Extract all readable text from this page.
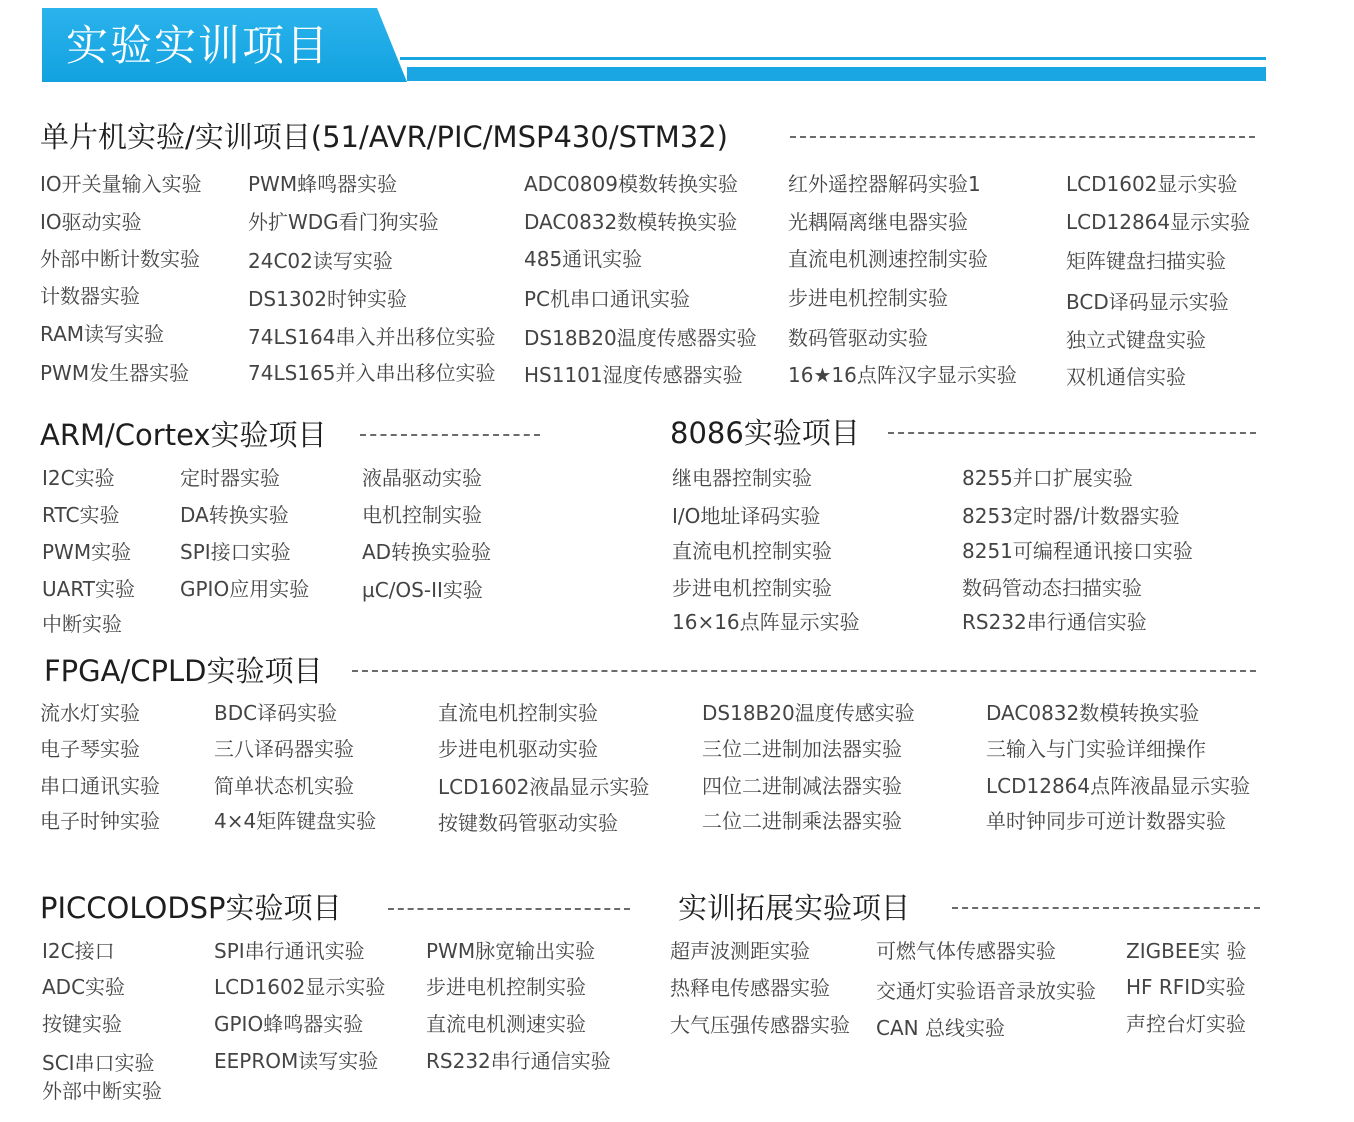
实验实训项目
单片机实验/实训项目(51/AVR/PIC/MSP430/STM32)
IO开关量输入实验
IO驱动实验
外部中断计数实验
计数器实验
RAM读写实验
PWM发生器实验
PWM蜂鸣器实验
外扩WDG看门狗实验
24C02读写实验
DS1302时钟实验
74LS164串入并出移位实验
74LS165并入串出移位实验
ADC0809模数转换实验
DAC0832数模转换实验
485通讯实验
PC机串口通讯实验
DS18B20温度传感器实验
HS1101湿度传感器实验
红外遥控器解码实验1
光耦隔离继电器实验
直流电机测速控制实验
步进电机控制实验
数码管驱动实验
16★16点阵汉字显示实验
LCD1602显示实验
LCD12864显示实验
矩阵键盘扫描实验
BCD译码显示实验
独立式键盘实验
双机通信实验
ARM/Cortex实验项目
I2C实验
RTC实验
PWM实验
UART实验
中断实验
定时器实验
DA转换实验
SPI接口实验
GPIO应用实验
液晶驱动实验
电机控制实验
AD转换实验验
µC/OS-II实验
8086实验项目
继电器控制实验
I/O地址译码实验
直流电机控制实验
步进电机控制实验
16×16点阵显示实验
8255并口扩展实验
8253定时器/计数器实验
8251可编程通讯接口实验
数码管动态扫描实验
RS232串行通信实验
FPGA/CPLD实验项目
流水灯实验
电子琴实验
串口通讯实验
电子时钟实验
BDC译码实验
三八译码器实验
简单状态机实验
4×4矩阵键盘实验
直流电机控制实验
步进电机驱动实验
LCD1602液晶显示实验
按键数码管驱动实验
DS18B20温度传感实验
三位二进制加法器实验
四位二进制减法器实验
二位二进制乘法器实验
DAC0832数模转换实验
三输入与门实验详细操作
LCD12864点阵液晶显示实验
单时钟同步可逆计数器实验
PICCOLODSP实验项目
I2C接口
ADC实验
按键实验
SCI串口实验
外部中断实验
SPI串行通讯实验
LCD1602显示实验
GPIO蜂鸣器实验
EEPROM读写实验
PWM脉宽输出实验
步进电机控制实验
直流电机测速实验
RS232串行通信实验
实训拓展实验项目
超声波测距实验
热释电传感器实验
大气压强传感器实验
可燃气体传感器实验
交通灯实验语音录放实验
CAN 总线实验
ZIGBEE实 验
HF RFID实验
声控台灯实验
